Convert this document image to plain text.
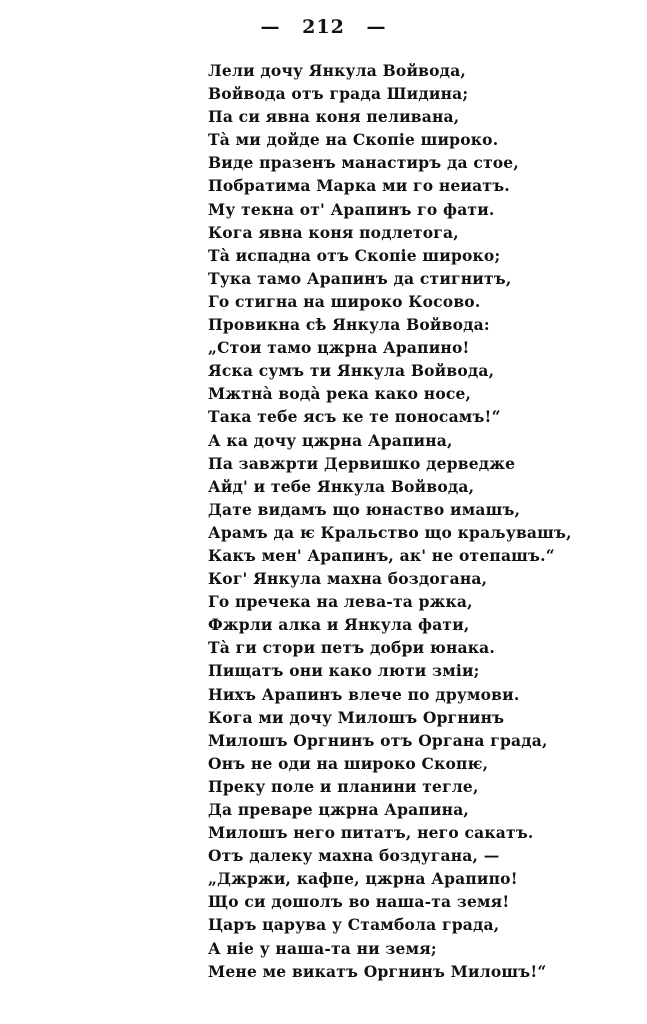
— 212 —
Лели дочу Янкула Войвода,
Войвода отъ града Шидина;
Па си явна коня пеливана,
Тà ми дойде на Скопіе широко.
Виде празенъ манастиръ да стое,
Побратима Марка ми го неиатъ.
Му текна от' Арапинъ го фати.
Кога явна коня подлетога,
Тà испадна отъ Скопіе широко;
Тука тамо Арапинъ да стигнитъ,
Го стигна на широко Косово.
Провикна сѣ Янкула Войвода:
„Стои тамо цжрна Арапино!
Яска сумъ ти Янкула Войвода,
Мжтнà водà река како носе,
Така тебе ясъ ке те поносамъ!“
А ка дочу цжрна Арапина,
Па завжрти Дервишко дерведже
Айд' и тебе Янкула Войвода,
Дате видамъ що юнаство имашъ,
Арамъ да ѥ Кральство що краљувашъ,
Какъ мен' Арапинъ, ак' не отепашъ.“
Ког' Янкула махна боздогана,
Го пречека на лева-та ржка,
Фжрли алка и Янкула фати,
Тà ги стори петъ добри юнака.
Пищатъ они како люти змiи;
Нихъ Арапинъ влече по друмови.
Кога ми дочу Милошъ Оргнинъ
Милошъ Оргнинъ отъ Органа града,
Онъ не оди на широко Скопѥ,
Преку поле и планини тегле,
Да преваре цжрна Арапина,
Милошъ него питатъ, него сакатъ.
Отъ далеку махна боздугана, —
„Джржи, кафпе, цжрна Арапипо!
Що си дошолъ во наша-та земя!
Царъ царува у Стамбола града,
А ніе у наша-та ни земя;
Мене ме викатъ Оргнинъ Милошъ!“
